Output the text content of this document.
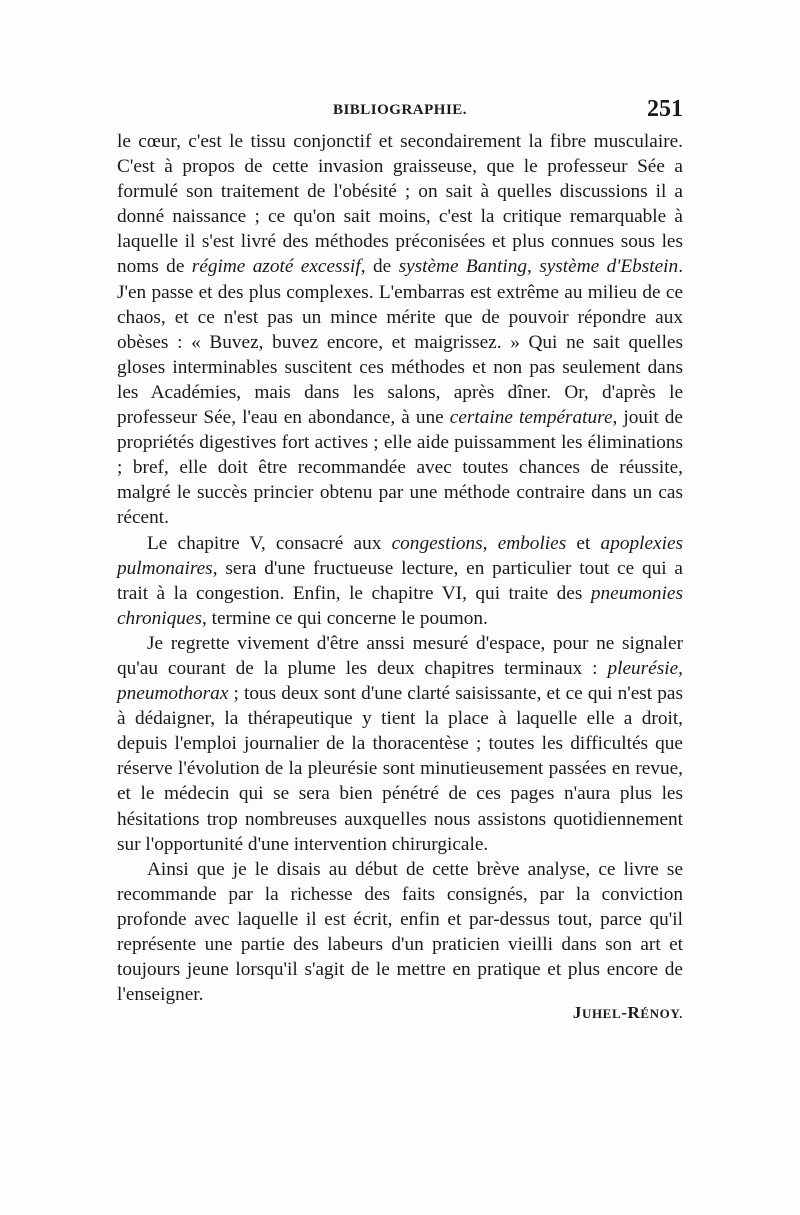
BIBLIOGRAPHIE.	251

le cœur, c'est le tissu conjonctif et secondairement la fibre musculaire. C'est à propos de cette invasion graisseuse, que le professeur Sée a formulé son traitement de l'obésité ; on sait à quelles discussions il a donné naissance ; ce qu'on sait moins, c'est la critique remarquable à laquelle il s'est livré des méthodes préconisées et plus connues sous les noms de régime azoté excessif, de système Banting, système d'Ebstein. J'en passe et des plus complexes. L'embarras est extrême au milieu de ce chaos, et ce n'est pas un mince mérite que de pouvoir répondre aux obèses : « Buvez, buvez encore, et maigrissez. » Qui ne sait quelles gloses interminables suscitent ces méthodes et non pas seulement dans les Académies, mais dans les salons, après dîner. Or, d'après le professeur Sée, l'eau en abondance, à une certaine température, jouit de propriétés digestives fort actives ; elle aide puissamment les éliminations ; bref, elle doit être recommandée avec toutes chances de réussite, malgré le succès princier obtenu par une méthode contraire dans un cas récent.

Le chapitre V, consacré aux congestions, embolies et apoplexies pulmonaires, sera d'une fructueuse lecture, en particulier tout ce qui a trait à la congestion. Enfin, le chapitre VI, qui traite des pneumonies chroniques, termine ce qui concerne le poumon.

Je regrette vivement d'être anssi mesuré d'espace, pour ne signaler qu'au courant de la plume les deux chapitres terminaux : pleurésie, pneumothorax ; tous deux sont d'une clarté saisissante, et ce qui n'est pas à dédaigner, la thérapeutique y tient la place à laquelle elle a droit, depuis l'emploi journalier de la thoracentèse ; toutes les difficultés que réserve l'évolution de la pleurésie sont minutieusement passées en revue, et le médecin qui se sera bien pénétré de ces pages n'aura plus les hésitations trop nombreuses auxquelles nous assistons quotidiennement sur l'opportunité d'une intervention chirurgicale.

Ainsi que je le disais au début de cette brève analyse, ce livre se recommande par la richesse des faits consignés, par la conviction profonde avec laquelle il est écrit, enfin et par-dessus tout, parce qu'il représente une partie des labeurs d'un praticien vieilli dans son art et toujours jeune lorsqu'il s'agit de le mettre en pratique et plus encore de l'enseigner.

JUHEL-RÉNOY.
